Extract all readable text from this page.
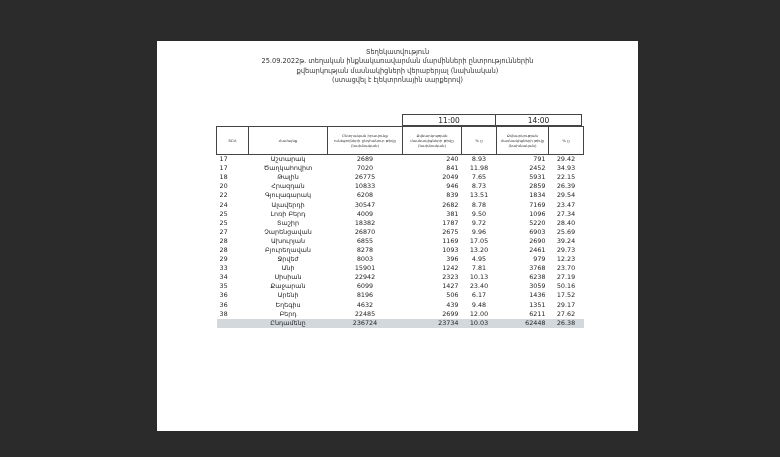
Տեղեկատվություն
25.09.2022թ. տեղական ինքնակառավարման մարմինների ընտրություններին
քվեարկության մասնակիցների վերաբերյալ (նախնական)
(ստացվել է էլեկտրոնային սարքերով)
11:00	14:00
ՏԸՀ	Համայնք	Ընտրական իրավունք ունեցողների ընդհանուր թիվը (նախնական)	Քվեարկության մասնակիցների թիվը (նախնական)	% ը	Քվեարկության մասնակիցների թիվը (նախնական)	% ը
17	Աշտարակ	2689	240	8.93	791	29.42
17	Ծաղկահովիտ	7020	841	11.98	2452	34.93
18	Թալին	26775	2049	7.65	5931	22.15
20	Հրազդան	10833	946	8.73	2859	26.39
22	Գյուլագարակ	6208	839	13.51	1834	29.54
24	Ալավերդի	30547	2682	8.78	7169	23.47
25	Լոռի Բերդ	4009	381	9.50	1096	27.34
25	Տաշիր	18382	1787	9.72	5220	28.40
27	Չարենցավան	26870	2675	9.96	6903	25.69
28	Ախուրյան	6855	1169	17.05	2690	39.24
28	Բյուրեղավան	8278	1093	13.20	2461	29.73
29	Ջրվեժ	8003	396	4.95	979	12.23
33	Անի	15901	1242	7.81	3768	23.70
34	Սիսիան	22942	2323	10.13	6238	27.19
35	Քաջարան	6099	1427	23.40	3059	50.16
36	Արենի	8196	506	6.17	1436	17.52
36	Եղեգիս	4632	439	9.48	1351	29.17
38	Բերդ	22485	2699	12.00	6211	27.62
	Ընդամենը	236724	23734	10.03	62448	26.38
